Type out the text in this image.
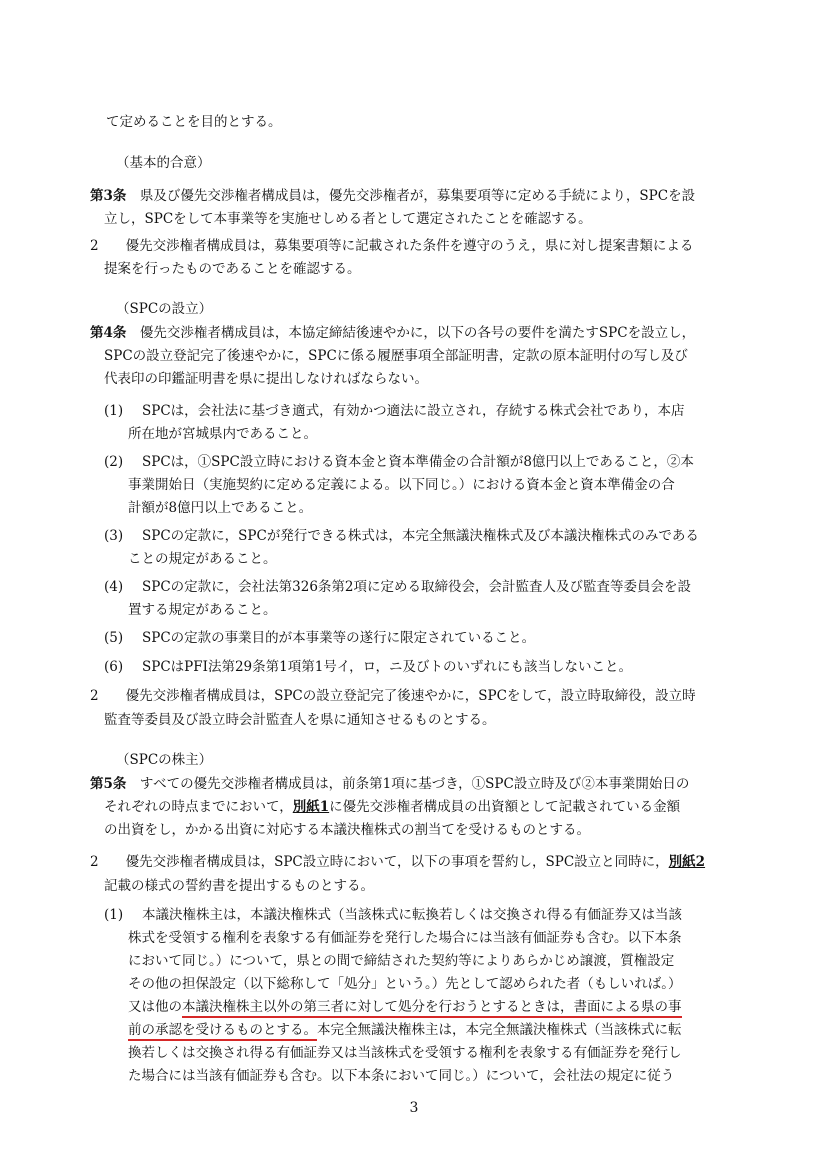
て定めることを目的とする。
（基本的合意）
第3条　 県及び優先交渉権者構成員は，優先交渉権者が，募集要項等に定める手続により，SPCを設
立し，SPCをして本事業等を実施せしめる者として選定されたことを確認する。
2　　 優先交渉権者構成員は，募集要項等に記載された条件を遵守のうえ，県に対し提案書類による
提案を行ったものであることを確認する。
（SPCの設立）
第4条　 優先交渉権者構成員は，本協定締結後速やかに，以下の各号の要件を満たすSPCを設立し，
SPCの設立登記完了後速やかに，SPCに係る履歴事項全部証明書，定款の原本証明付の写し及び
代表印の印鑑証明書を県に提出しなければならない。
(1) SPCは，会社法に基づき適式，有効かつ適法に設立され，存続する株式会社であり，本店
所在地が宮城県内であること。
(2) SPCは，①SPC設立時における資本金と資本準備金の合計額が8億円以上であること，②本
事業開始日（実施契約に定める定義による。以下同じ。）における資本金と資本準備金の合
計額が8億円以上であること。
(3) SPCの定款に，SPCが発行できる株式は，本完全無議決権株式及び本議決権株式のみである
ことの規定があること。
(4) SPCの定款に，会社法第326条第2項に定める取締役会，会計監査人及び監査等委員会を設
置する規定があること。
(5) SPCの定款の事業目的が本事業等の遂行に限定されていること。
(6) SPCはPFI法第29条第1項第1号イ，ロ，ニ及びトのいずれにも該当しないこと。
2　　 優先交渉権者構成員は，SPCの設立登記完了後速やかに，SPCをして，設立時取締役，設立時
監査等委員及び設立時会計監査人を県に通知させるものとする。
（SPCの株主）
第5条　 すべての優先交渉権者構成員は，前条第1項に基づき，①SPC設立時及び②本事業開始日の
それぞれの時点までにおいて，別紙1に優先交渉権者構成員の出資額として記載されている金額
の出資をし，かかる出資に対応する本議決権株式の割当てを受けるものとする。
2　　 優先交渉権者構成員は，SPC設立時において，以下の事項を誓約し，SPC設立と同時に，別紙2
記載の様式の誓約書を提出するものとする。
(1) 本議決権株主は，本議決権株式（当該株式に転換若しくは交換され得る有価証券又は当該
株式を受領する権利を表象する有価証券を発行した場合には当該有価証券も含む。以下本条
において同じ。）について，県との間で締結された契約等によりあらかじめ譲渡，質権設定
その他の担保設定（以下総称して「処分」という。）先として認められた者（もしいれば。）
又は他の本議決権株主以外の第三者に対して処分を行おうとするときは，書面による県の事
前の承認を受けるものとする。本完全無議決権株主は，本完全無議決権株式（当該株式に転
換若しくは交換され得る有価証券又は当該株式を受領する権利を表象する有価証券を発行し
た場合には当該有価証券も含む。以下本条において同じ。）について，会社法の規定に従う
3
